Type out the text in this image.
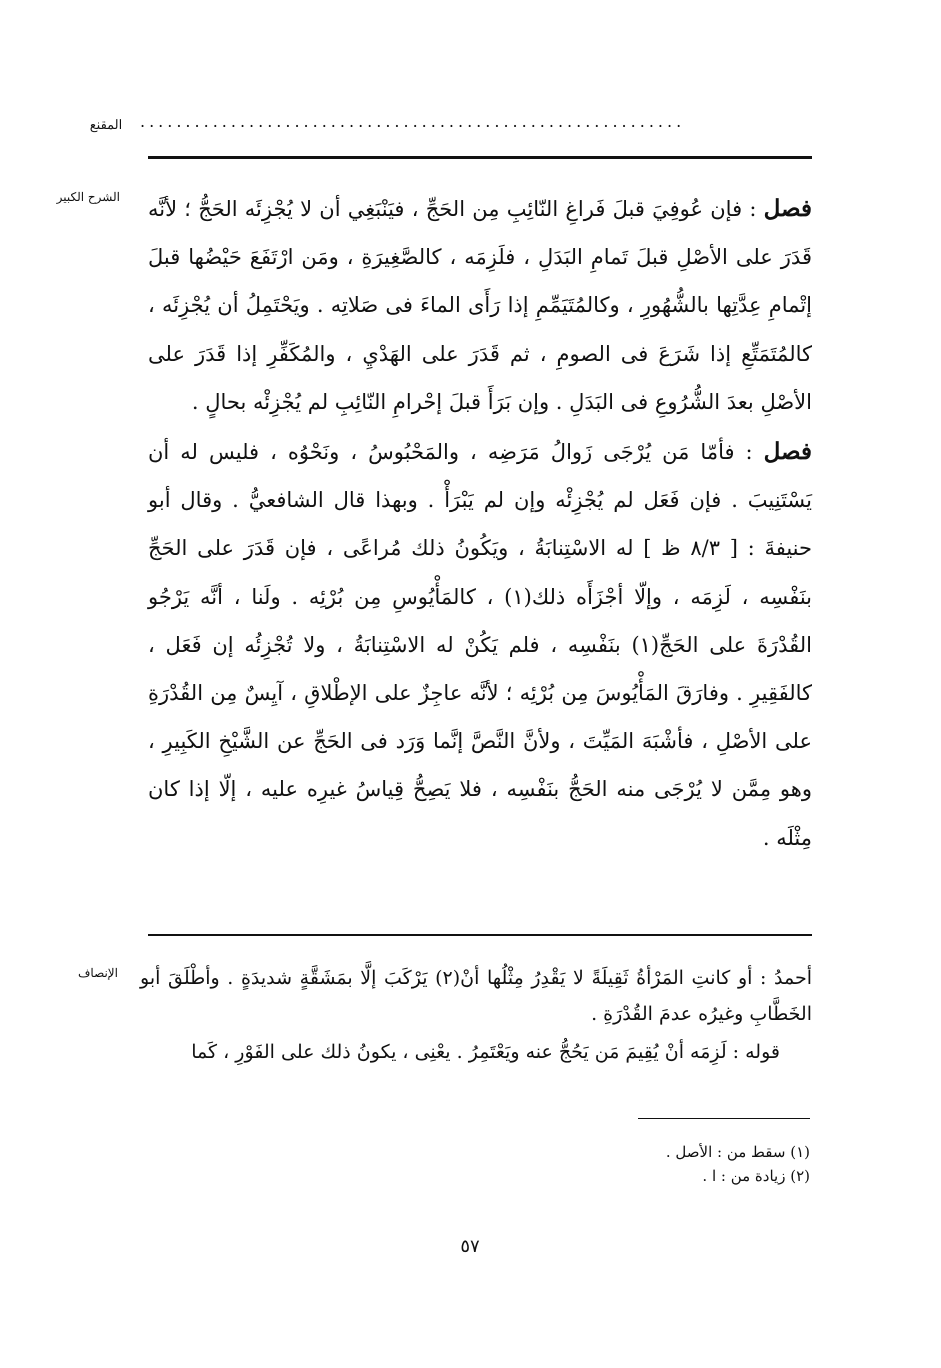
المقنع ............................................................
الشرح الكبير	فصل : فإن عُوفِيَ قبلَ فَراغِ النّائِبِ مِن الحَجِّ ، فيَنْبَغِي أن لا يُجْزِئَه الحَجُّ ؛ لأنَّه قَدَرَ على الأصْلِ قبلَ تَمامِ البَدَلِ ، فلَزِمَه ، كالصَّغِيرَةِ ، ومَن ارْتَفَعَ حَيْضُها قبلَ إتْمامِ عِدَّتِها بالشُّهُورِ ، وكالمُتَيَمِّمِ إذا رَأَى الماءَ فى صَلاتِه . ويَحْتَمِلُ أن يُجْزِئَه ، كالمُتَمَتِّعِ إذا شَرَعَ فى الصومِ ، ثم قَدَرَ على الهَدْيِ ، والمُكَفِّرِ إذا قَدَرَ على الأصْلِ بعدَ الشُّرُوعِ فى البَدَلِ . وإن بَرَأَ قبلَ إحْرامِ النّائِبِ لم يُجْزِئْه بحالٍ .

فصل : فأمّا مَن يُرْجَى زَوالُ مَرَضِه ، والمَحْبُوسُ ، ونَحْوُه ، فليس له أن يَسْتَنِيبَ . فإن فَعَل لم يُجْزِئْه وإن لم يَبْرَأْ . وبهذا قال الشافعيُّ . وقال أبو حنيفةَ : [ ٨/٣ ظ ] له الاسْتِنابَةُ ، ويَكُونُ ذلك مُراعًى ، فإن قَدَرَ على الحَجِّ بنَفْسِه ، لَزِمَه ، وإلّا أجْزَأَه ذلك(١) ، كالمَأْيُوسِ مِن بُرْئِه . ولَنا ، أنَّه يَرْجُو القُدْرَةَ على الحَجِّ(١) بنَفْسِه ، فلم يَكُنْ له الاسْتِنابَةُ ، ولا تُجْزِئُه إن فَعَل ، كالفَقِيرِ . وفارَقَ المَأْيُوسَ مِن بُرْئِه ؛ لأنَّه عاجِزٌ على الإطْلاقِ ، آيِسٌ مِن القُدْرَةِ على الأصْلِ ، فأشْبَهَ المَيِّتَ ، ولأنَّ النَّصَّ إنَّما وَرَد فى الحَجِّ عن الشَّيْخِ الكَبِيرِ ، وهو مِمَّن لا يُرْجَى منه الحَجُّ بنَفْسِه ، فلا يَصِحُّ قِياسُ غيرِه عليه ، إلّا إذا كان مِثْلَه .

الإنصاف أحمدُ : أو كانتِ المَرْأةُ ثَقِيلَةً لا يَقْدِرُ مِثْلُها أنْ(٢) يَرْكَبَ إلَّا بمَشَقَّةٍ شديدَةٍ . وأطْلَقَ أبو الخَطَّابِ وغيرُه عدمَ القُدْرَةِ .

قوله : لَزِمَه أنْ يُقِيمَ مَن يَحُجُّ عنه ويَعْتَمِرُ . يعْنِى ، يكونُ ذلك على الفَوْرِ ، كَما

(١) سقط من : الأصل .
(٢) زيادة من : ا .
٥٧
